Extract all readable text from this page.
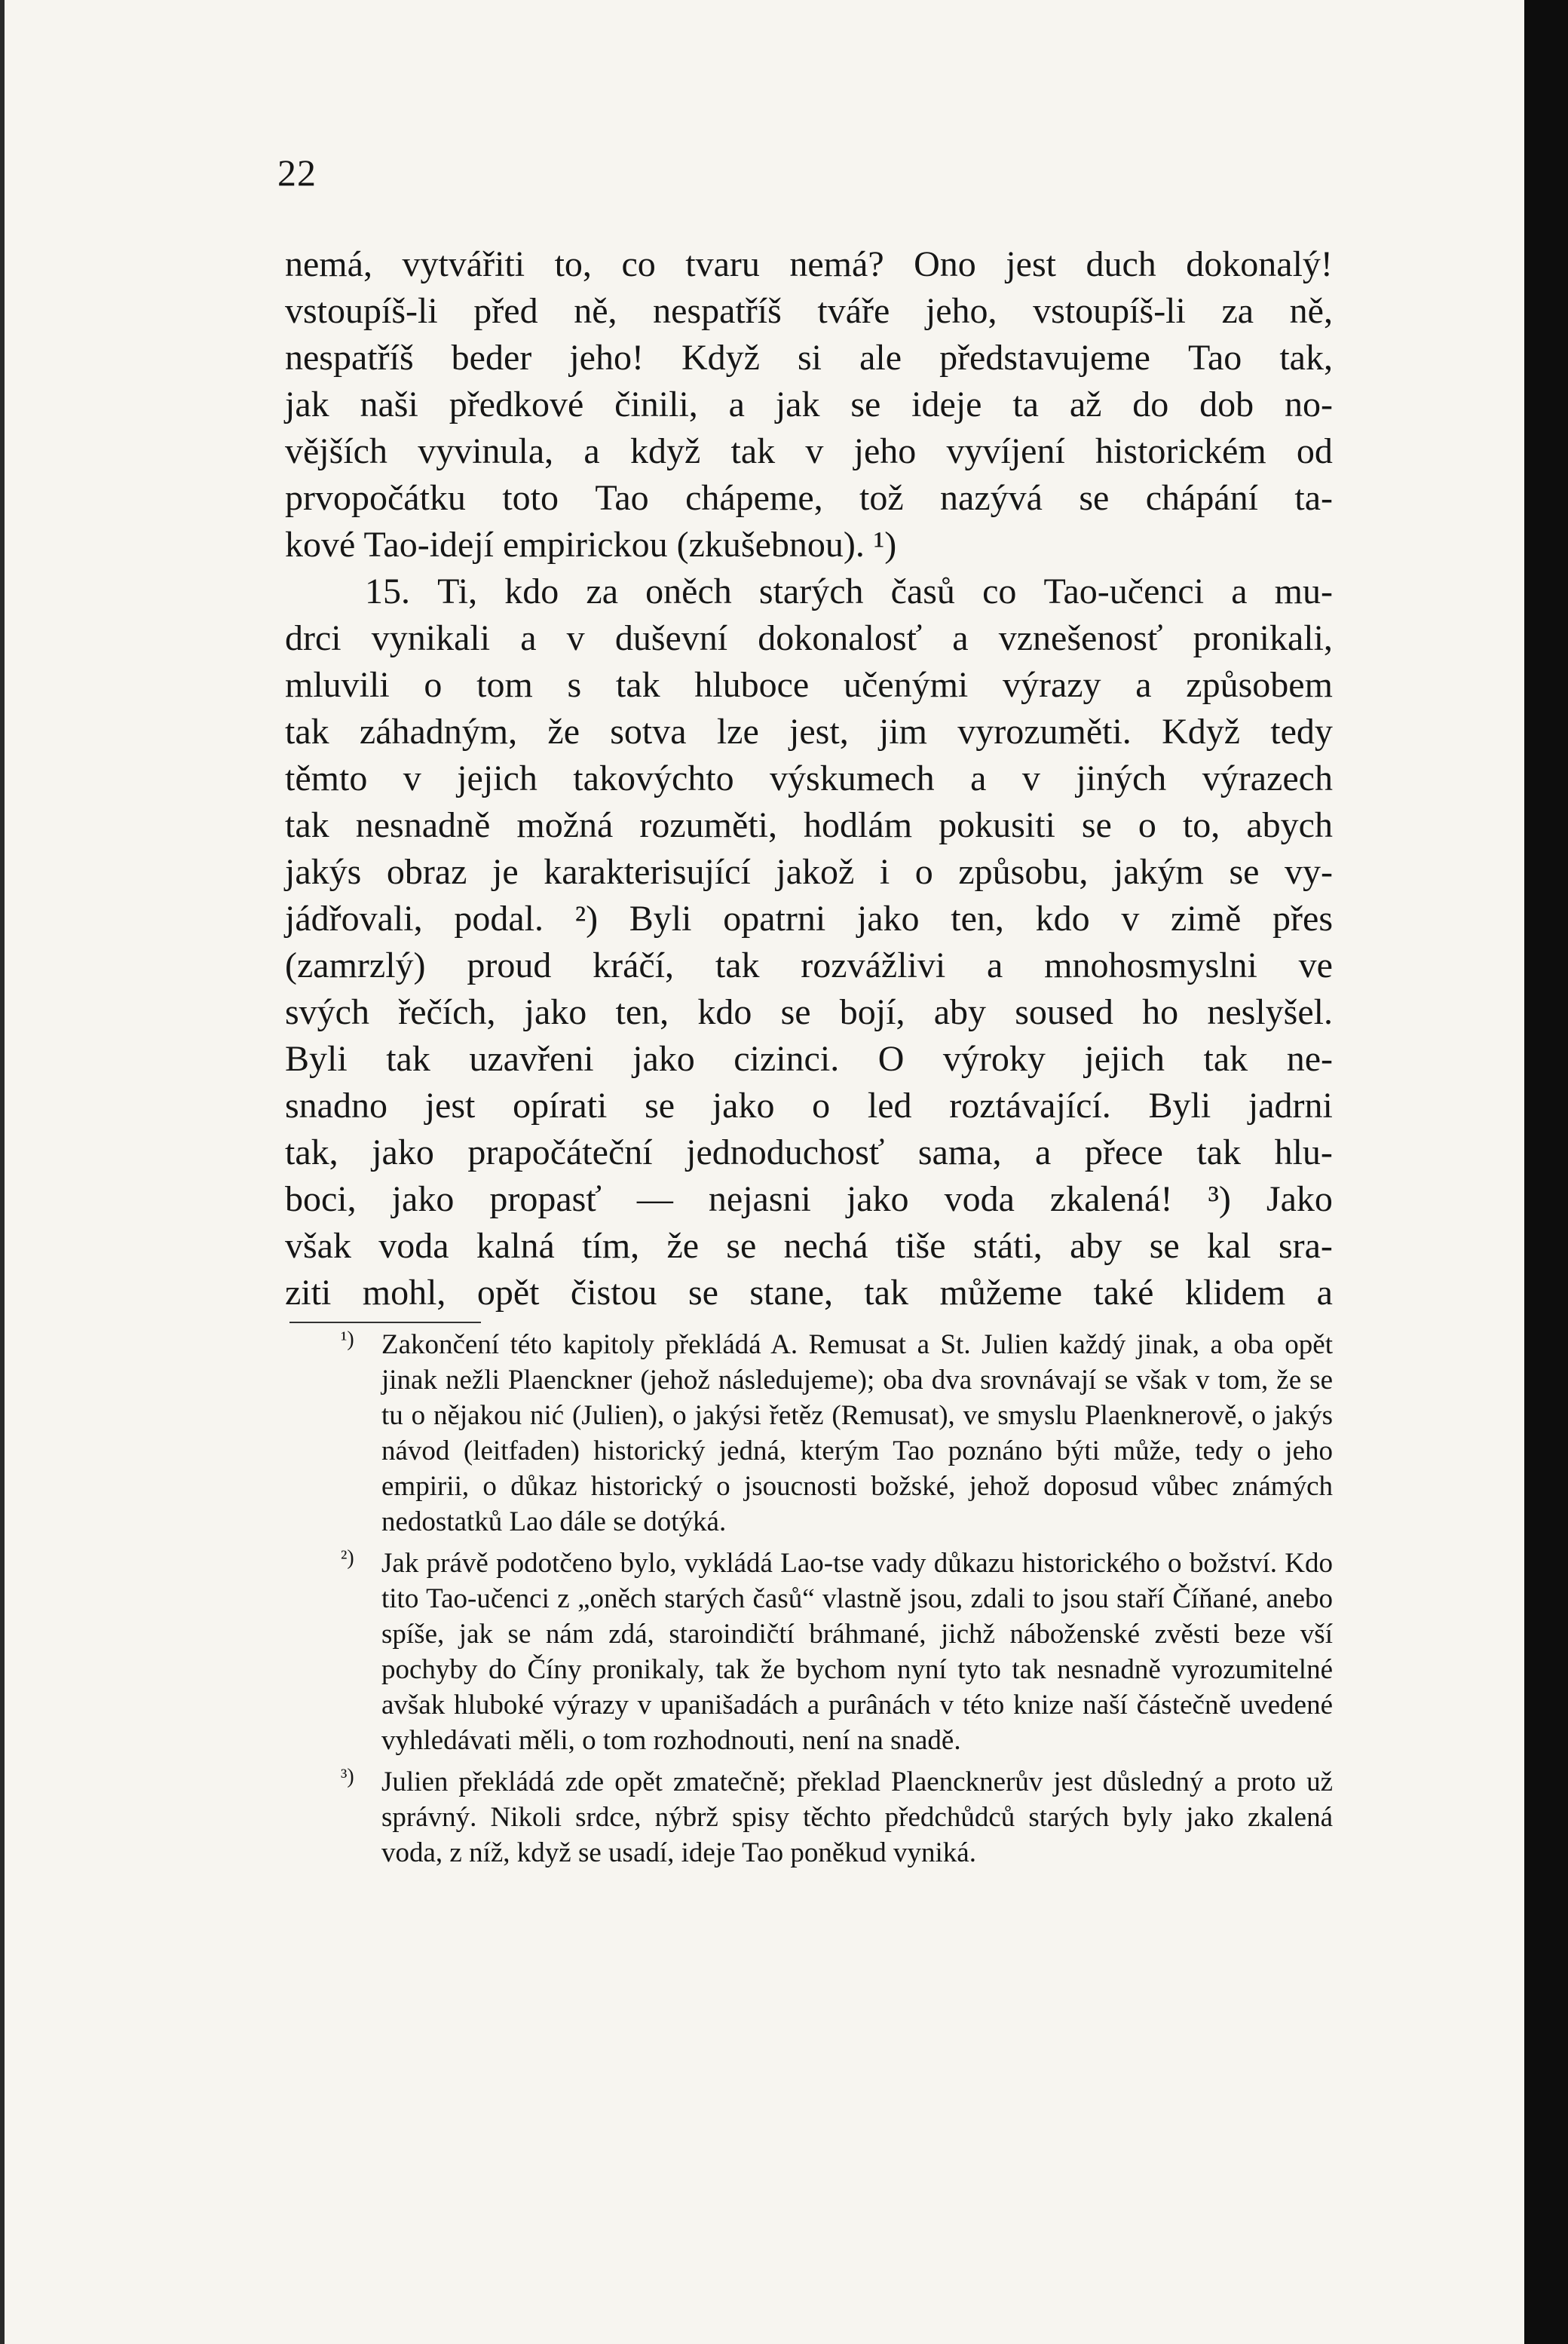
22
nemá, vytvářiti to, co tvaru nemá? Ono jest duch dokonalý!
vstoupíš-li před ně, nespatříš tváře jeho, vstoupíš-li za ně,
nespatříš beder jeho! Když si ale představujeme Tao tak,
jak naši předkové činili, a jak se ideje ta až do dob no-
vějších vyvinula, a když tak v jeho vyvíjení historickém od
prvopočátku toto Tao chápeme, tož nazývá se chápání ta-
kové Tao-idejí empirickou (zkušebnou). ¹)
15. Ti, kdo za oněch starých časů co Tao-učenci a mu-
drci vynikali a v duševní dokonalosť a vznešenosť pronikali,
mluvili o tom s tak hluboce učenými výrazy a způsobem
tak záhadným, že sotva lze jest, jim vyrozuměti. Když tedy
těmto v jejich takovýchto výskumech a v jiných výrazech
tak nesnadně možná rozuměti, hodlám pokusiti se o to, abych
jakýs obraz je karakterisující jakož i o způsobu, jakým se vy-
jádřovali, podal. ²) Byli opatrni jako ten, kdo v zimě přes
(zamrzlý) proud kráčí, tak rozvážlivi a mnohosmyslni ve
svých řečích, jako ten, kdo se bojí, aby soused ho neslyšel.
Byli tak uzavřeni jako cizinci. O výroky jejich tak ne-
snadno jest opírati se jako o led roztávající. Byli jadrni
tak, jako prapočáteční jednoduchosť sama, a přece tak hlu-
boci, jako propasť — nejasni jako voda zkalená! ³) Jako
však voda kalná tím, že se nechá tiše státi, aby se kal sra-
ziti mohl, opět čistou se stane, tak můžeme také klidem a

¹) Zakončení této kapitoly překládá A. Remusat a St. Julien každý jinak, a oba opět jinak nežli Plaenckner (jehož následujeme); oba dva srovnávají se však v tom, že se tu o nějakou nić (Julien), o jakýsi řetěz (Remusat), ve smyslu Plaenknerově, o jakýs návod (leitfaden) historický jedná, kterým Tao poznáno býti může, tedy o jeho empirii, o důkaz historický o jsoucnosti božské, jehož doposud vůbec známých nedostatků Lao dále se dotýká.

²) Jak právě podotčeno bylo, vykládá Lao-tse vady důkazu historického o božství. Kdo tito Tao-učenci z „oněch starých časů“ vlastně jsou, zdali to jsou staří Číňané, anebo spíše, jak se nám zdá, staroindičtí bráhmané, jichž náboženské zvěsti beze vší pochyby do Číny pronikaly, tak že bychom nyní tyto tak nesnadně vyrozumitelné avšak hluboké výrazy v upanišadách a purânách v této knize naší částečně uvedené vyhledávati měli, o tom rozhodnouti, není na snadě.

³) Julien překládá zde opět zmatečně; překlad Plaencknerův jest důsledný a proto už správný. Nikoli srdce, nýbrž spisy těchto předchůdců starých byly jako zkalená voda, z níž, když se usadí, ideje Tao poněkud vyniká.
